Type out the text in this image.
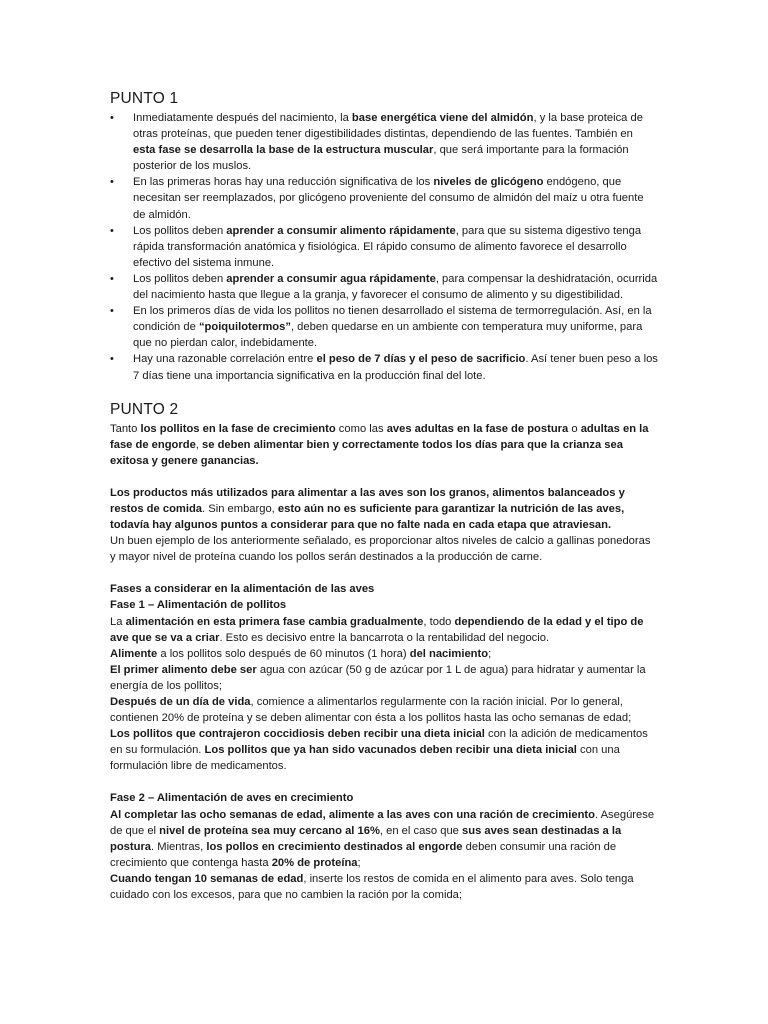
PUNTO 1
• Inmediatamente después del nacimiento, la base energética viene del almidón, y la base proteica de otras proteínas, que pueden tener digestibilidades distintas, dependiendo de las fuentes. También en esta fase se desarrolla la base de la estructura muscular, que será importante para la formación posterior de los muslos.
• En las primeras horas hay una reducción significativa de los niveles de glicógeno endógeno, que necesitan ser reemplazados, por glicógeno proveniente del consumo de almidón del maíz u otra fuente de almidón.
• Los pollitos deben aprender a consumir alimento rápidamente, para que su sistema digestivo tenga rápida transformación anatómica y fisiológica. El rápido consumo de alimento favorece el desarrollo efectivo del sistema inmune.
• Los pollitos deben aprender a consumir agua rápidamente, para compensar la deshidratación, ocurrida del nacimiento hasta que llegue a la granja, y favorecer el consumo de alimento y su digestibilidad.
• En los primeros días de vida los pollitos no tienen desarrollado el sistema de termorregulación. Así, en la condición de “poiquilotermos”, deben quedarse en un ambiente con temperatura muy uniforme, para que no pierdan calor, indebidamente.
• Hay una razonable correlación entre el peso de 7 días y el peso de sacrificio. Así tener buen peso a los 7 días tiene una importancia significativa en la producción final del lote.
PUNTO 2

Tanto los pollitos en la fase de crecimiento como las aves adultas en la fase de postura o adultas en la fase de engorde, se deben alimentar bien y correctamente todos los días para que la crianza sea exitosa y genere ganancias.

Los productos más utilizados para alimentar a las aves son los granos, alimentos balanceados y restos de comida. Sin embargo, esto aún no es suficiente para garantizar la nutrición de las aves, todavía hay algunos puntos a considerar para que no falte nada en cada etapa que atraviesan.

Un buen ejemplo de los anteriormente señalado, es proporcionar altos niveles de calcio a gallinas ponedoras y mayor nivel de proteína cuando los pollos serán destinados a la producción de carne.

Fases a considerar en la alimentación de las aves

Fase 1 – Alimentación de pollitos

La alimentación en esta primera fase cambia gradualmente, todo dependiendo de la edad y el tipo de ave que se va a criar. Esto es decisivo entre la bancarrota o la rentabilidad del negocio.

Alimente a los pollitos solo después de 60 minutos (1 hora) del nacimiento;

El primer alimento debe ser agua con azúcar (50 g de azúcar por 1 L de agua) para hidratar y aumentar la energía de los pollitos;

Después de un día de vida, comience a alimentarlos regularmente con la ración inicial. Por lo general, contienen 20% de proteína y se deben alimentar con ésta a los pollitos hasta las ocho semanas de edad;

Los pollitos que contrajeron coccidiosis deben recibir una dieta inicial con la adición de medicamentos en su formulación. Los pollitos que ya han sido vacunados deben recibir una dieta inicial con una formulación libre de medicamentos.

Fase 2 – Alimentación de aves en crecimiento

Al completar las ocho semanas de edad, alimente a las aves con una ración de crecimiento. Asegúrese de que el nivel de proteína sea muy cercano al 16%, en el caso que sus aves sean destinadas a la postura. Mientras, los pollos en crecimiento destinados al engorde deben consumir una ración de crecimiento que contenga hasta 20% de proteína;

Cuando tengan 10 semanas de edad, inserte los restos de comida en el alimento para aves. Solo tenga cuidado con los excesos, para que no cambien la ración por la comida;
